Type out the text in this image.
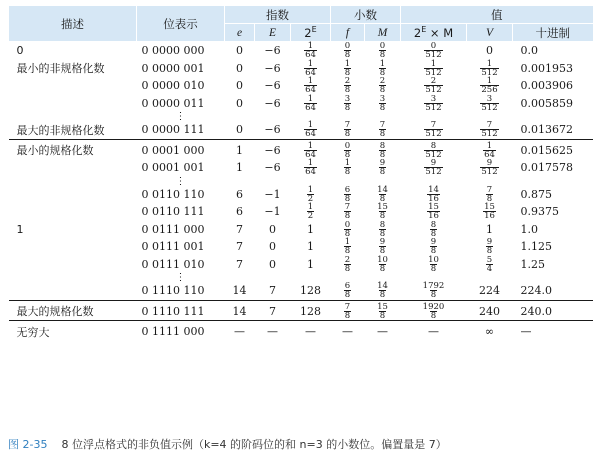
描述	位表示	指数			小数		值		
		e	E	$2^E$	f	M	$2^E \times M$	V	十进制
0	0 0000 000	0	−6	$\frac{1}{64}$	$\frac{0}{8}$	$\frac{0}{8}$	$\frac{0}{512}$	0	0.0
最小的非规格化数	0 0000 001	0	−6	$\frac{1}{64}$	$\frac{1}{8}$	$\frac{1}{8}$	$\frac{1}{512}$	$\frac{1}{512}$	0.001953
	0 0000 010	0	−6	$\frac{1}{64}$	$\frac{2}{8}$	$\frac{2}{8}$	$\frac{2}{512}$	$\frac{1}{256}$	0.003906
	0 0000 011	0	−6	$\frac{1}{64}$	$\frac{3}{8}$	$\frac{3}{8}$	$\frac{3}{512}$	$\frac{3}{512}$	0.005859
	⋮								
最大的非规格化数	0 0000 111	0	−6	$\frac{1}{64}$	$\frac{7}{8}$	$\frac{7}{8}$	$\frac{7}{512}$	$\frac{7}{512}$	0.013672
最小的规格化数	0 0001 000	1	−6	$\frac{1}{64}$	$\frac{0}{8}$	$\frac{8}{8}$	$\frac{8}{512}$	$\frac{1}{64}$	0.015625
	0 0001 001	1	−6	$\frac{1}{64}$	$\frac{1}{8}$	$\frac{9}{8}$	$\frac{9}{512}$	$\frac{9}{512}$	0.017578
	⋮								
	0 0110 110	6	−1	$\frac{1}{2}$	$\frac{6}{8}$	$\frac{14}{8}$	$\frac{14}{16}$	$\frac{7}{8}$	0.875
	0 0110 111	6	−1	$\frac{1}{2}$	$\frac{7}{8}$	$\frac{15}{8}$	$\frac{15}{16}$	$\frac{15}{16}$	0.9375
1	0 0111 000	7	0	1	$\frac{0}{8}$	$\frac{8}{8}$	$\frac{8}{8}$	1	1.0
	0 0111 001	7	0	1	$\frac{1}{8}$	$\frac{9}{8}$	$\frac{9}{8}$	$\frac{9}{8}$	1.125
	0 0111 010	7	0	1	$\frac{2}{8}$	$\frac{10}{8}$	$\frac{10}{8}$	$\frac{5}{4}$	1.25
	⋮								
	0 1110 110	14	7	128	$\frac{6}{8}$	$\frac{14}{8}$	$\frac{1792}{8}$	224	224.0
最大的规格化数	0 1110 111	14	7	128	$\frac{7}{8}$	$\frac{15}{8}$	$\frac{1920}{8}$	240	240.0
无穷大	0 1111 000	—	—	—	—	—	—	∞	—
图 2-35 8 位浮点格式的非负值示例（k=4 的阶码位的和 n=3 的小数位。偏置量是 7）
